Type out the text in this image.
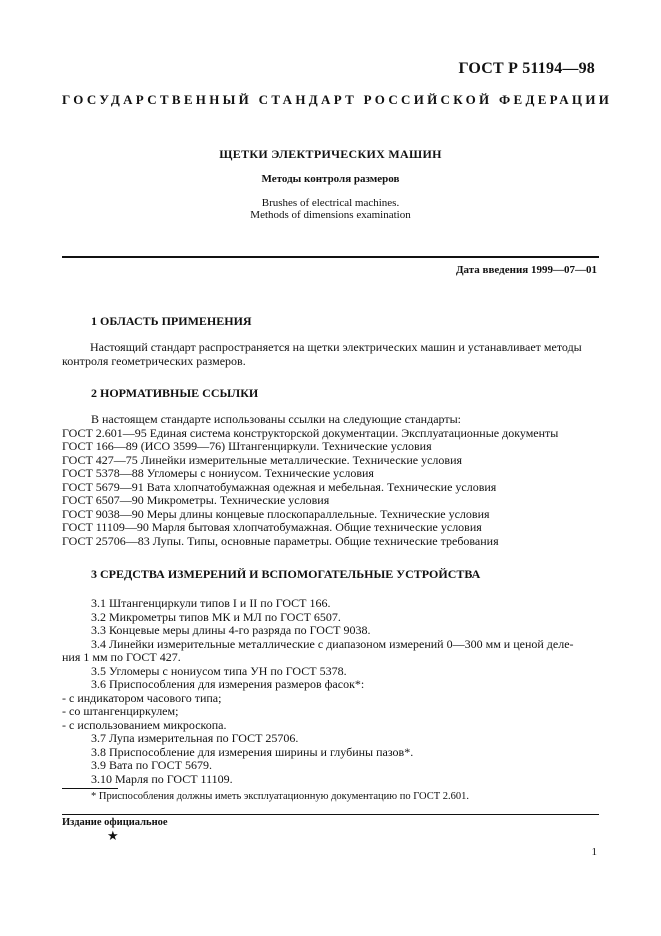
ГОСТ Р 51194—98
ГОСУДАРСТВЕННЫЙ СТАНДАРТ РОССИЙСКОЙ ФЕДЕРАЦИИ
ЩЕТКИ ЭЛЕКТРИЧЕСКИХ МАШИН
Методы контроля размеров
Brushes of electrical machines.
Methods of dimensions examination
Дата введения 1999—07—01
1 ОБЛАСТЬ ПРИМЕНЕНИЯ
Настоящий стандарт распространяется на щетки электрических машин и устанавливает методы
контроля геометрических размеров.
2 НОРМАТИВНЫЕ ССЫЛКИ
В настоящем стандарте использованы ссылки на следующие стандарты:
ГОСТ 2.601—95 Единая система конструкторской документации. Эксплуатационные документы
ГОСТ 166—89 (ИСО 3599—76) Штангенциркули. Технические условия
ГОСТ 427—75 Линейки измерительные металлические. Технические условия
ГОСТ 5378—88 Угломеры с нониусом. Технические условия
ГОСТ 5679—91 Вата хлопчатобумажная одежная и мебельная. Технические условия
ГОСТ 6507—90 Микрометры. Технические условия
ГОСТ 9038—90 Меры длины концевые плоскопараллельные. Технические условия
ГОСТ 11109—90 Марля бытовая хлопчатобумажная. Общие технические условия
ГОСТ 25706—83 Лупы. Типы, основные параметры. Общие технические требования
3 СРЕДСТВА ИЗМЕРЕНИЙ И ВСПОМОГАТЕЛЬНЫЕ УСТРОЙСТВА
3.1 Штангенциркули типов I и II по ГОСТ 166.
3.2 Микрометры типов МК и МЛ по ГОСТ 6507.
3.3 Концевые меры длины 4-го разряда по ГОСТ 9038.
3.4 Линейки измерительные металлические с диапазоном измерений 0—300 мм и ценой деле-
ния 1 мм по ГОСТ 427.
3.5 Угломеры с нониусом типа УН по ГОСТ 5378.
3.6 Приспособления для измерения размеров фасок*:
- с индикатором часового типа;
- со штангенциркулем;
- с использованием микроскопа.
3.7 Лупа измерительная по ГОСТ 25706.
3.8 Приспособление для измерения ширины и глубины пазов*.
3.9 Вата по ГОСТ 5679.
3.10 Марля по ГОСТ 11109.
* Приспособления должны иметь эксплуатационную документацию по ГОСТ 2.601.
Издание официальное
★
1
